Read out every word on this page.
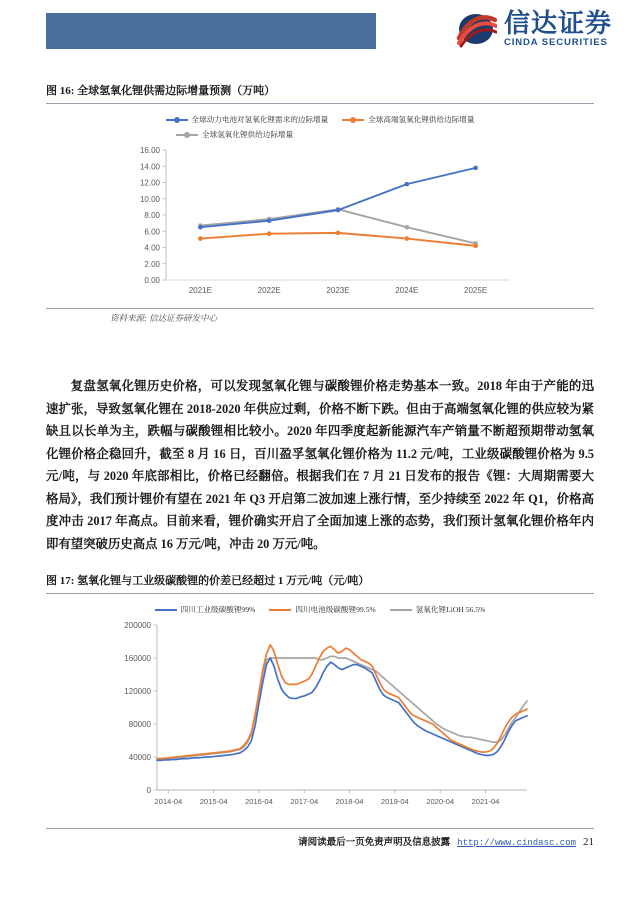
信达证券
CINDA SECURITIES
图 16: 全球氢氧化锂供需边际增量预测（万吨）
全球动力电池对氢氧化锂需求的边际增量	全球高端氢氧化锂供给边际增量
全球氢氧化锂供给边际增量
0.00
2.00
4.00
6.00
8.00
10.00
12.00
14.00
16.00
2021E	2022E	2023E	2024E	2025E
资料来源: 信达证券研发中心
复盘氢氧化锂历史价格，可以发现氢氧化锂与碳酸锂价格走势基本一致。2018 年由于产能的迅速扩张，导致氢氧化锂在 2018-2020 年供应过剩，价格不断下跌。但由于高端氢氧化锂的供应较为紧缺且以长单为主，跌幅与碳酸锂相比较小。2020 年四季度起新能源汽车产销量不断超预期带动氢氧化锂价格企稳回升，截至 8 月 16 日，百川盈孚氢氧化锂价格为 11.2 元/吨，工业级碳酸锂价格为 9.5 元/吨，与 2020 年底部相比，价格已经翻倍。根据我们在 7 月 21 日发布的报告《锂：大周期需要大格局》，我们预计锂价有望在 2021 年 Q3 开启第二波加速上涨行情，至少持续至 2022 年 Q1，价格高度冲击 2017 年高点。目前来看，锂价确实开启了全面加速上涨的态势，我们预计氢氧化锂价格年内即有望突破历史高点 16 万元/吨，冲击 20 万元/吨。
图 17: 氢氧化锂与工业级碳酸锂的价差已经超过 1 万元/吨（元/吨）
四川工业级碳酸锂99%	四川电池级碳酸锂99.5%	氢氧化锂LiOH 56.5%
0
40000
80000
120000
160000
200000
2014-04 2015-04 2016-04 2017-04 2018-04 2019-04 2020-04 2021-04
请阅读最后一页免责声明及信息披露 http://www.cindasc.com 21
